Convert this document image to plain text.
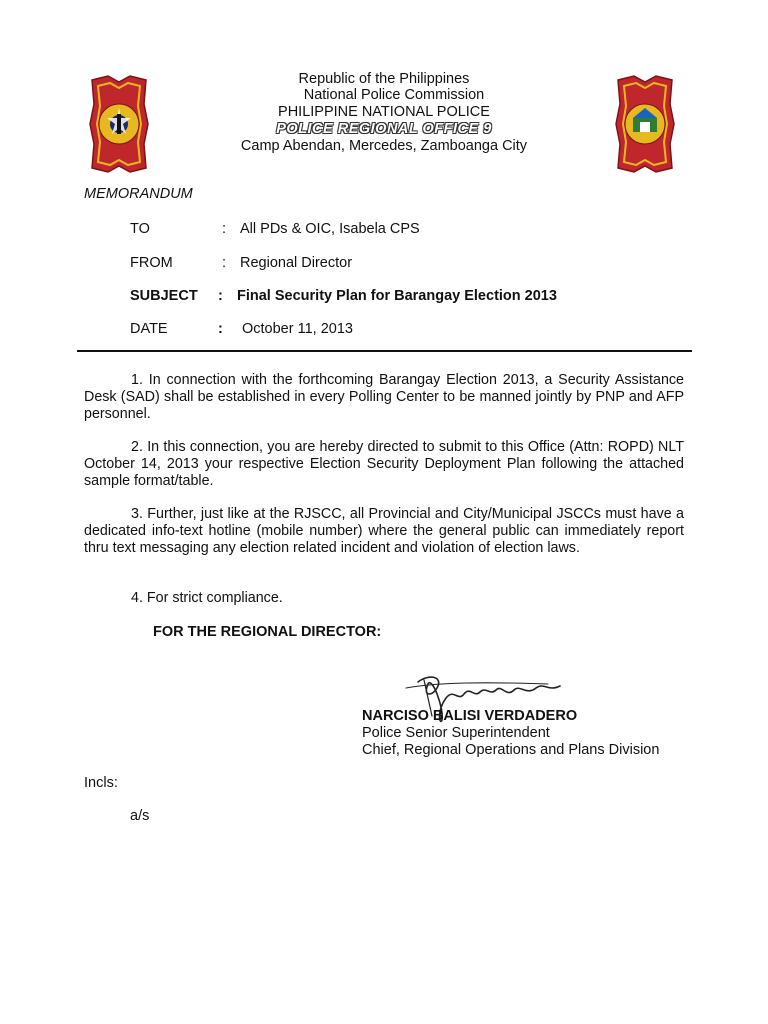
Republic of the Philippines
National Police Commission
PHILIPPINE NATIONAL POLICE
POLICE REGIONAL OFFICE 9
Camp Abendan, Mercedes, Zamboanga City
MEMORANDUM
TO	: All PDs & OIC, Isabela CPS
FROM	: Regional Director
SUBJECT : Final Security Plan for Barangay Election 2013
DATE	: October 11, 2013

1. In connection with the forthcoming Barangay Election 2013, a Security Assistance Desk (SAD) shall be established in every Polling Center to be manned jointly by PNP and AFP personnel.

2. In this connection, you are hereby directed to submit to this Office (Attn: ROPD) NLT October 14, 2013 your respective Election Security Deployment Plan following the attached sample format/table.

3. Further, just like at the RJSCC, all Provincial and City/Municipal JSCCs must have a dedicated info-text hotline (mobile number) where the general public can immediately report thru text messaging any election related incident and violation of election laws.

4. For strict compliance.

FOR THE REGIONAL DIRECTOR:
NARCISO BALISI VERDADERO
Police Senior Superintendent
Chief, Regional Operations and Plans Division
Incls:
a/s
